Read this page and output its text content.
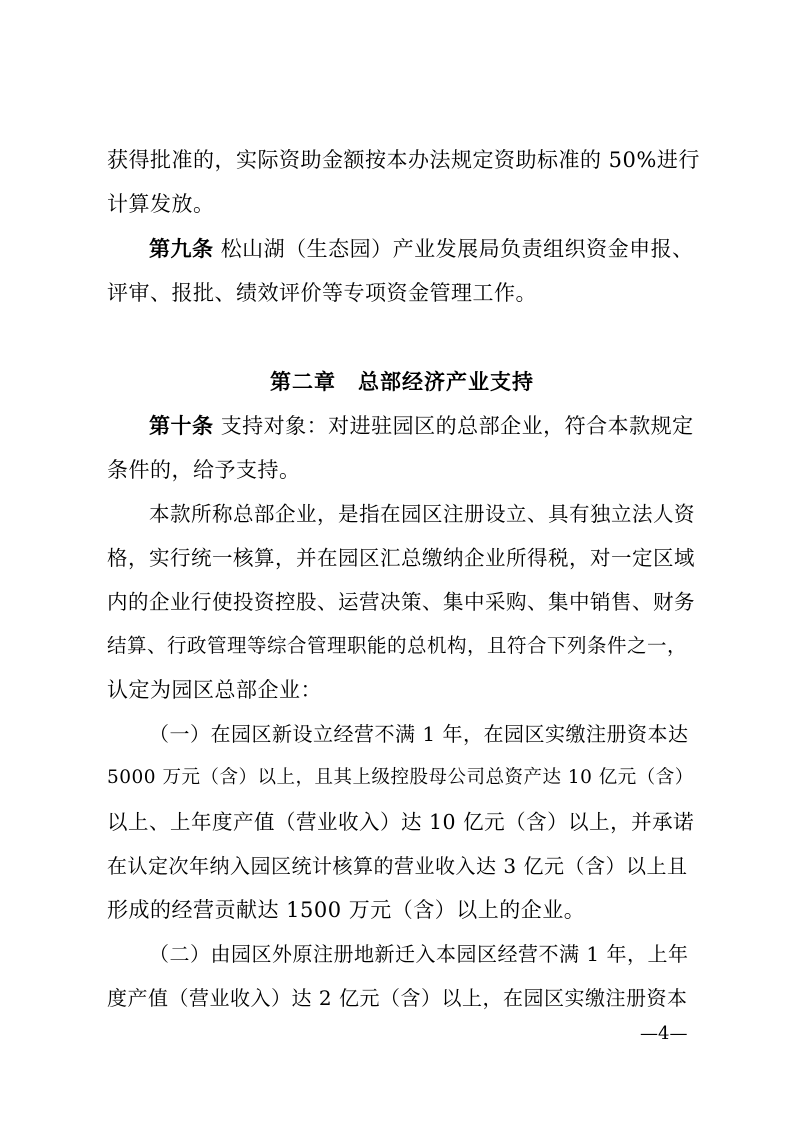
获得批准的，实际资助金额按本办法规定资助标准的 50%进行
计算发放。
第九条 松山湖（生态园）产业发展局负责组织资金申报、
评审、报批、绩效评价等专项资金管理工作。
第二章　总部经济产业支持
第十条 支持对象：对进驻园区的总部企业，符合本款规定
条件的，给予支持。
本款所称总部企业，是指在园区注册设立、具有独立法人资
格，实行统一核算，并在园区汇总缴纳企业所得税，对一定区域
内的企业行使投资控股、运营决策、集中采购、集中销售、财务
结算、行政管理等综合管理职能的总机构，且符合下列条件之一，
认定为园区总部企业：
（一）在园区新设立经营不满 1 年，在园区实缴注册资本达
5000 万元（含）以上，且其上级控股母公司总资产达 10 亿元（含）
以上、上年度产值（营业收入）达 10 亿元（含）以上，并承诺
在认定次年纳入园区统计核算的营业收入达 3 亿元（含）以上且
形成的经营贡献达 1500 万元（含）以上的企业。
（二）由园区外原注册地新迁入本园区经营不满 1 年，上年
度产值（营业收入）达 2 亿元（含）以上，在园区实缴注册资本
—4—
